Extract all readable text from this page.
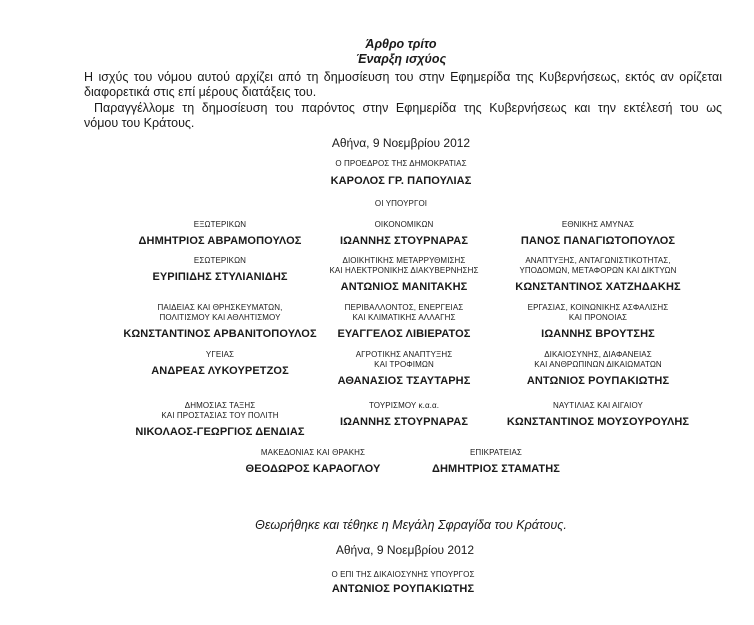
Άρθρο τρίτο
Έναρξη ισχύος
Η ισχύς του νόμου αυτού αρχίζει από τη δημοσίευση του στην Εφημερίδα της Κυβερνήσεως, εκτός αν ορίζεται
διαφορετικά στις επί μέρους διατάξεις του.
Παραγγέλλομε τη δημοσίευση του παρόντος στην Εφημερίδα της Κυβερνήσεως και την εκτέλεσή του ως
νόμου του Κράτους.
Αθήνα, 9 Νοεμβρίου 2012
Ο ΠΡΟΕΔΡΟΣ ΤΗΣ ΔΗΜΟΚΡΑΤΙΑΣ
ΚΑΡΟΛΟΣ ΓΡ. ΠΑΠΟΥΛΙΑΣ
ΟΙ ΥΠΟΥΡΓΟΙ
ΕΞΩΤΕΡΙΚΩΝ
ΔΗΜΗΤΡΙΟΣ ΑΒΡΑΜΟΠΟΥΛΟΣ
ΟΙΚΟΝΟΜΙΚΩΝ
ΙΩΑΝΝΗΣ ΣΤΟΥΡΝΑΡΑΣ
ΕΘΝΙΚΗΣ ΑΜΥΝΑΣ
ΠΑΝΟΣ ΠΑΝΑΓΙΩΤΟΠΟΥΛΟΣ
ΕΣΩΤΕΡΙΚΩΝ
ΕΥΡΙΠΙΔΗΣ ΣΤΥΛΙΑΝΙΔΗΣ
ΔΙΟΙΚΗΤΙΚΗΣ ΜΕΤΑΡΡΥΘΜΙΣΗΣ
ΚΑΙ ΗΛΕΚΤΡΟΝΙΚΗΣ ΔΙΑΚΥΒΕΡΝΗΣΗΣ
ΑΝΤΩΝΙΟΣ ΜΑΝΙΤΑΚΗΣ
ΑΝΑΠΤΥΞΗΣ, ΑΝΤΑΓΩΝΙΣΤΙΚΟΤΗΤΑΣ,
ΥΠΟΔΟΜΩΝ, ΜΕΤΑΦΟΡΩΝ ΚΑΙ ΔΙΚΤΥΩΝ
ΚΩΝΣΤΑΝΤΙΝΟΣ ΧΑΤΖΗΔΑΚΗΣ
ΠΑΙΔΕΙΑΣ ΚΑΙ ΘΡΗΣΚΕΥΜΑΤΩΝ,
ΠΟΛΙΤΙΣΜΟΥ ΚΑΙ ΑΘΛΗΤΙΣΜΟΥ
ΚΩΝΣΤΑΝΤΙΝΟΣ ΑΡΒΑΝΙΤΟΠΟΥΛΟΣ
ΠΕΡΙΒΑΛΛΟΝΤΟΣ, ΕΝΕΡΓΕΙΑΣ
ΚΑΙ ΚΛΙΜΑΤΙΚΗΣ ΑΛΛΑΓΗΣ
ΕΥΑΓΓΕΛΟΣ ΛΙΒΙΕΡΑΤΟΣ
ΕΡΓΑΣΙΑΣ, ΚΟΙΝΩΝΙΚΗΣ ΑΣΦΑΛΙΣΗΣ
ΚΑΙ ΠΡΟΝΟΙΑΣ
ΙΩΑΝΝΗΣ ΒΡΟΥΤΣΗΣ
ΥΓΕΙΑΣ
ΑΝΔΡΕΑΣ ΛΥΚΟΥΡΕΤΖΟΣ
ΑΓΡΟΤΙΚΗΣ ΑΝΑΠΤΥΞΗΣ
ΚΑΙ ΤΡΟΦΙΜΩΝ
ΑΘΑΝΑΣΙΟΣ ΤΣΑΥΤΑΡΗΣ
ΔΙΚΑΙΟΣΥΝΗΣ, ΔΙΑΦΑΝΕΙΑΣ
ΚΑΙ ΑΝΘΡΩΠΙΝΩΝ ΔΙΚΑΙΩΜΑΤΩΝ
ΑΝΤΩΝΙΟΣ ΡΟΥΠΑΚΙΩΤΗΣ
ΔΗΜΟΣΙΑΣ ΤΑΞΗΣ
ΚΑΙ ΠΡΟΣΤΑΣΙΑΣ ΤΟΥ ΠΟΛΙΤΗ
ΝΙΚΟΛΑΟΣ-ΓΕΩΡΓΙΟΣ ΔΕΝΔΙΑΣ
ΤΟΥΡΙΣΜΟΥ κ.α.α.
ΙΩΑΝΝΗΣ ΣΤΟΥΡΝΑΡΑΣ
ΝΑΥΤΙΛΙΑΣ ΚΑΙ ΑΙΓΑΙΟΥ
ΚΩΝΣΤΑΝΤΙΝΟΣ ΜΟΥΣΟΥΡΟΥΛΗΣ
ΜΑΚΕΔΟΝΙΑΣ ΚΑΙ ΘΡΑΚΗΣ
ΘΕΟΔΩΡΟΣ ΚΑΡΑΟΓΛΟΥ
ΕΠΙΚΡΑΤΕΙΑΣ
ΔΗΜΗΤΡΙΟΣ ΣΤΑΜΑΤΗΣ
Θεωρήθηκε και τέθηκε η Μεγάλη Σφραγίδα του Κράτους.
Αθήνα, 9 Νοεμβρίου 2012
Ο ΕΠΙ ΤΗΣ ΔΙΚΑΙΟΣΥΝΗΣ ΥΠΟΥΡΓΟΣ
ΑΝΤΩΝΙΟΣ ΡΟΥΠΑΚΙΩΤΗΣ
